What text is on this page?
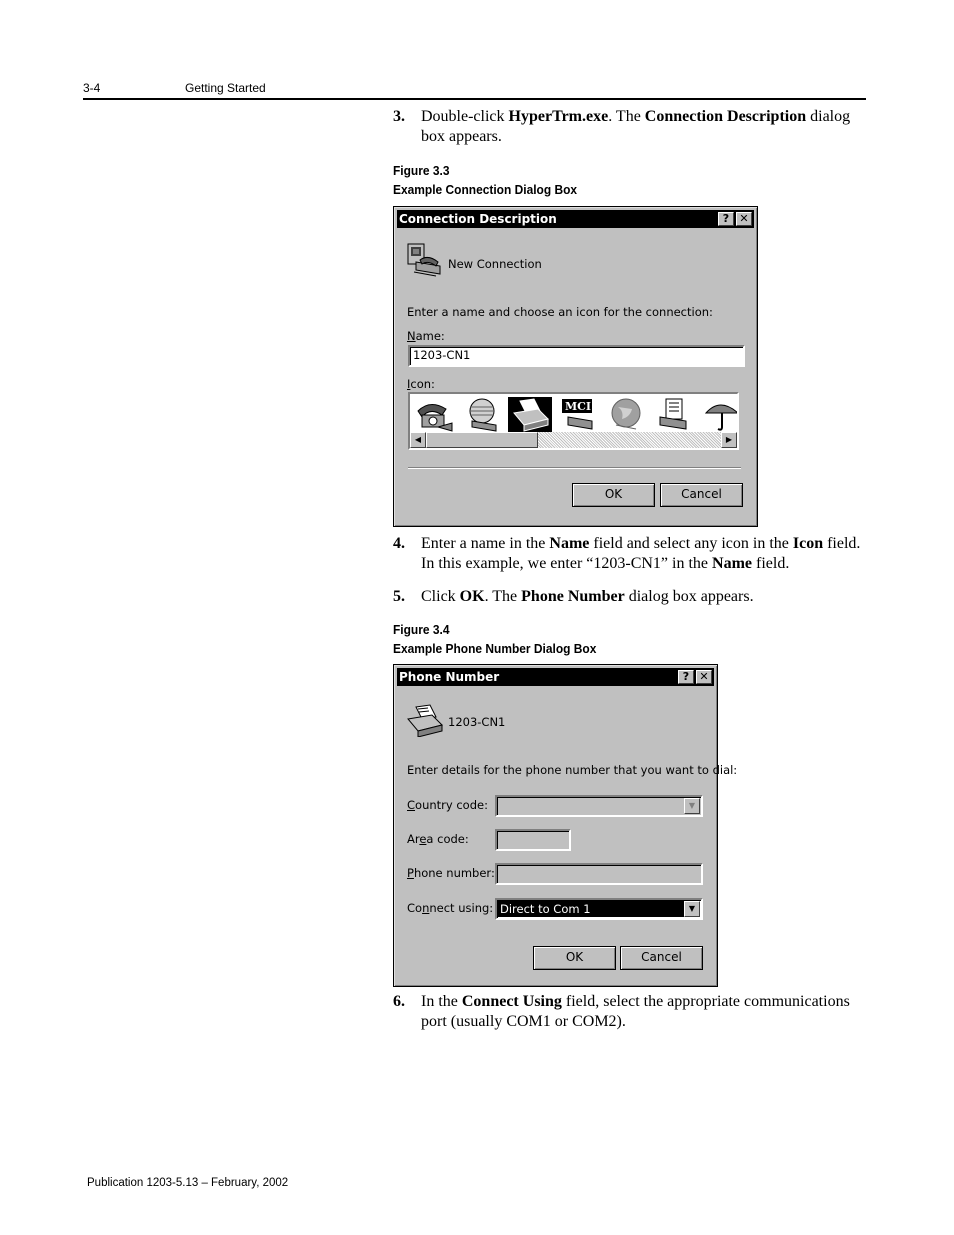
3-4	Getting Started
3. Double-click HyperTrm.exe. The Connection Description dialog box appears.
Figure 3.3
Example Connection Dialog Box
Connection Description	? ✕
New Connection
Enter a name and choose an icon for the connection:
Name:
1203-CN1
Icon:
MCI
◀	▶
OK	Cancel
4. Enter a name in the Name field and select any icon in the Icon field. In this example, we enter “1203-CN1” in the Name field.
5. Click OK. The Phone Number dialog box appears.
Figure 3.4
Example Phone Number Dialog Box
Phone Number	? ✕
1203-CN1
Enter details for the phone number that you want to dial:
Country code:	▼
Area code:
Phone number:
Connect using: Direct to Com 1	▼
OK	Cancel
6. In the Connect Using field, select the appropriate communications port (usually COM1 or COM2).
Publication 1203-5.13 – February, 2002
